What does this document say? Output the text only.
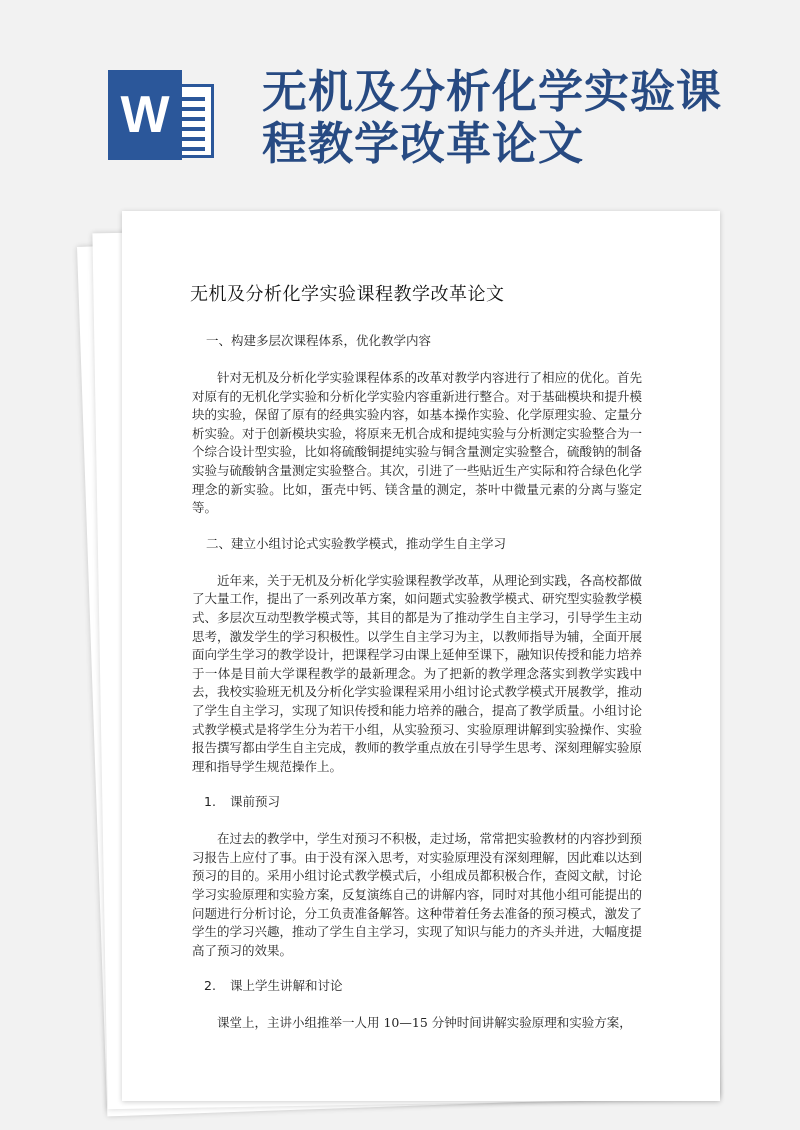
W 无机及分析化学实验课程教学改革论文
无机及分析化学实验课程教学改革论文

一、构建多层次课程体系，优化教学内容

针对无机及分析化学实验课程体系的改革对教学内容进行了相应的优化。首先对原有的无机化学实验和分析化学实验内容重新进行整合。对于基础模块和提升模块的实验，保留了原有的经典实验内容，如基本操作实验、化学原理实验、定量分析实验。对于创新模块实验，将原来无机合成和提纯实验与分析测定实验整合为一个综合设计型实验，比如将硫酸铜提纯实验与铜含量测定实验整合，硫酸钠的制备实验与硫酸钠含量测定实验整合。其次，引进了一些贴近生产实际和符合绿色化学理念的新实验。比如，蛋壳中钙、镁含量的测定，茶叶中微量元素的分离与鉴定等。

二、建立小组讨论式实验教学模式，推动学生自主学习

近年来，关于无机及分析化学实验课程教学改革，从理论到实践，各高校都做了大量工作，提出了一系列改革方案，如问题式实验教学模式、研究型实验教学模式、多层次互动型教学模式等，其目的都是为了推动学生自主学习，引导学生主动思考，激发学生的学习积极性。以学生自主学习为主，以教师指导为辅，全面开展面向学生学习的教学设计，把课程学习由课上延伸至课下，融知识传授和能力培养于一体是目前大学课程教学的最新理念。为了把新的教学理念落实到教学实践中去，我校实验班无机及分析化学实验课程采用小组讨论式教学模式开展教学，推动了学生自主学习，实现了知识传授和能力培养的融合，提高了教学质量。小组讨论式教学模式是将学生分为若干小组，从实验预习、实验原理讲解到实验操作、实验报告撰写都由学生自主完成，教师的教学重点放在引导学生思考、深刻理解实验原理和指导学生规范操作上。

1. 课前预习

在过去的教学中，学生对预习不积极，走过场，常常把实验教材的内容抄到预习报告上应付了事。由于没有深入思考，对实验原理没有深刻理解，因此难以达到预习的目的。采用小组讨论式教学模式后，小组成员都积极合作，查阅文献，讨论学习实验原理和实验方案，反复演练自己的讲解内容，同时对其他小组可能提出的问题进行分析讨论，分工负责准备解答。这种带着任务去准备的预习模式，激发了学生的学习兴趣，推动了学生自主学习，实现了知识与能力的齐头并进，大幅度提高了预习的效果。

2. 课上学生讲解和讨论

课堂上，主讲小组推举一人用 10—15 分钟时间讲解实验原理和实验方案，
